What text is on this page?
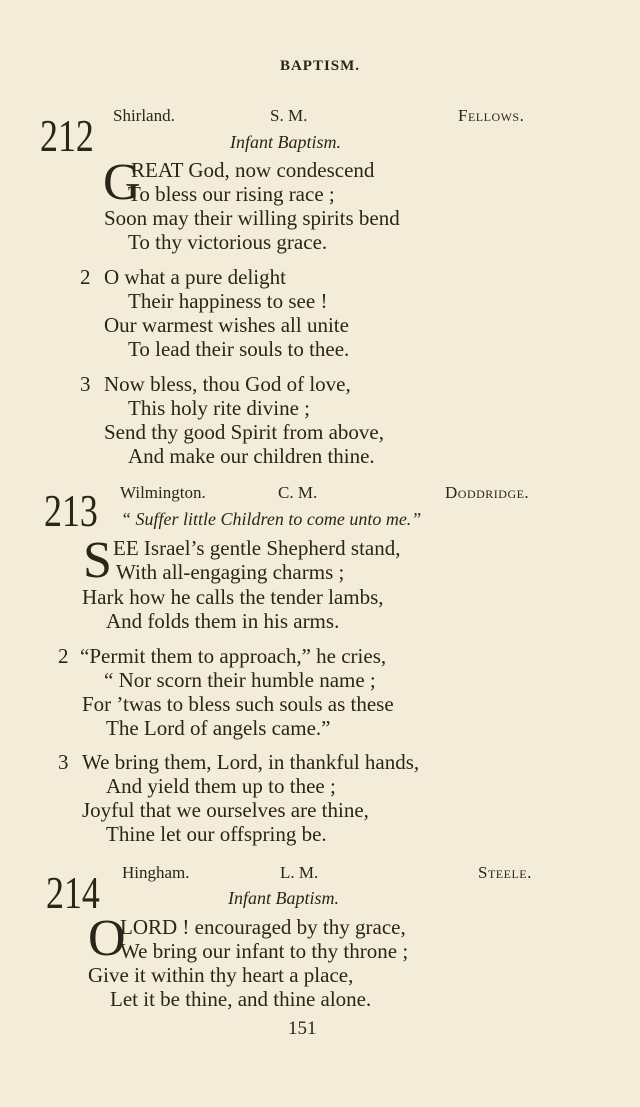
BAPTISM.
212 Shirland.	S. M.	Fellows.
Infant Baptism.
G
REAT God, now condescend
To bless our rising race ;
Soon may their willing spirits bend
To thy victorious grace.
2 O what a pure delight
Their happiness to see !
Our warmest wishes all unite
To lead their souls to thee.
3 Now bless, thou God of love,
This holy rite divine ;
Send thy good Spirit from above,
And make our children thine.
213 Wilmington.	C. M.	Doddridge.
“ Suffer little Children to come unto me.”
S EE Israel’s gentle Shepherd stand,
With all-engaging charms ;
Hark how he calls the tender lambs,
And folds them in his arms.
2 “Permit them to approach,” he cries,
“ Nor scorn their humble name ;
For ’twas to bless such souls as these
The Lord of angels came.”
3 We bring them, Lord, in thankful hands,
And yield them up to thee ;
Joyful that we ourselves are thine,
Thine let our offspring be.
214 Hingham.	L. M.	Steele.
Infant Baptism.
O
LORD ! encouraged by thy grace,
We bring our infant to thy throne ;
Give it within thy heart a place,
Let it be thine, and thine alone.
151
